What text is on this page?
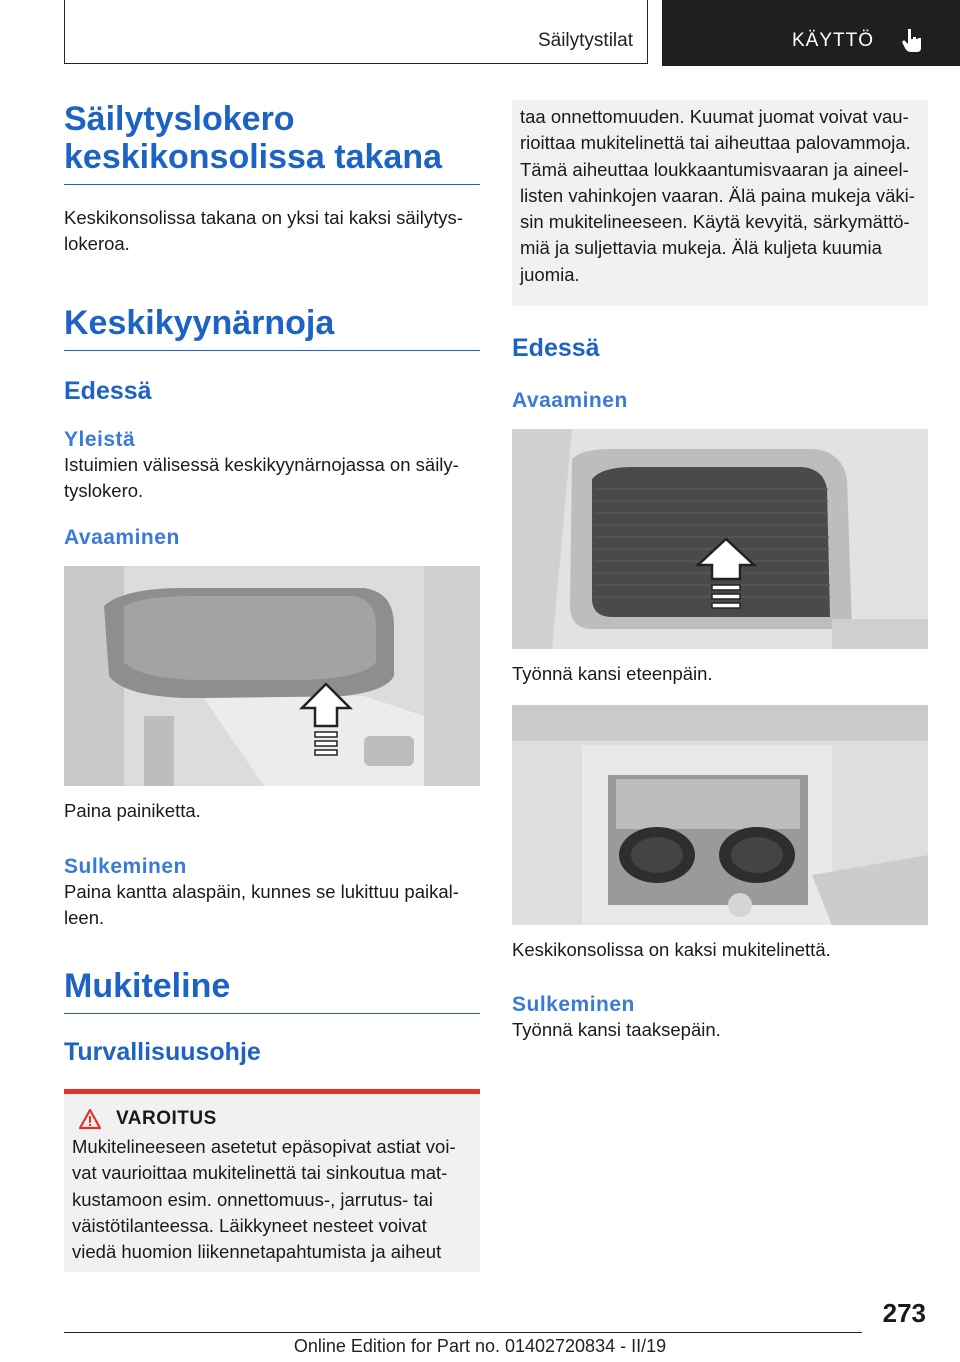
Säilytystilat	KÄYTTÖ
Säilytyslokero keskikonsolissa takana

Keskikonsolissa takana on yksi tai kaksi säilytyslokeroa.

Keskikyynärnoja
Edessä
Yleistä

Istuimien välisessä keskikyynärnojassa on säilytyslokero.

Avaaminen

Paina painiketta.

Sulkeminen

Paina kantta alaspäin, kunnes se lukittuu paikalleen.

Mukiteline
Turvallisuusohje
VAROITUS

Mukitelineeseen asetetut epäsopivat astiat voivat vaurioittaa mukitelinettä tai sinkoutua matkustamoon esim. onnettomuus-, jarrutus- tai väistötilanteessa. Läikkyneet nesteet voivat viedä huomion liikennetapahtumista ja aiheut

taa onnettomuuden. Kuumat juomat voivat vaurioittaa mukitelinettä tai aiheuttaa palovammoja. Tämä aiheuttaa loukkaantumisvaaran ja aineellisten vahinkojen vaaran. Älä paina mukeja väkisin mukitelineeseen. Käytä kevyitä, särkymättömiä ja suljettavia mukeja. Älä kuljeta kuumia juomia.

Edessä
Avaaminen

Työnnä kansi eteenpäin.

Keskikonsolissa on kaksi mukitelinettä.

Sulkeminen

Työnnä kansi taaksepäin.

273
Online Edition for Part no. 01402720834 - II/19
